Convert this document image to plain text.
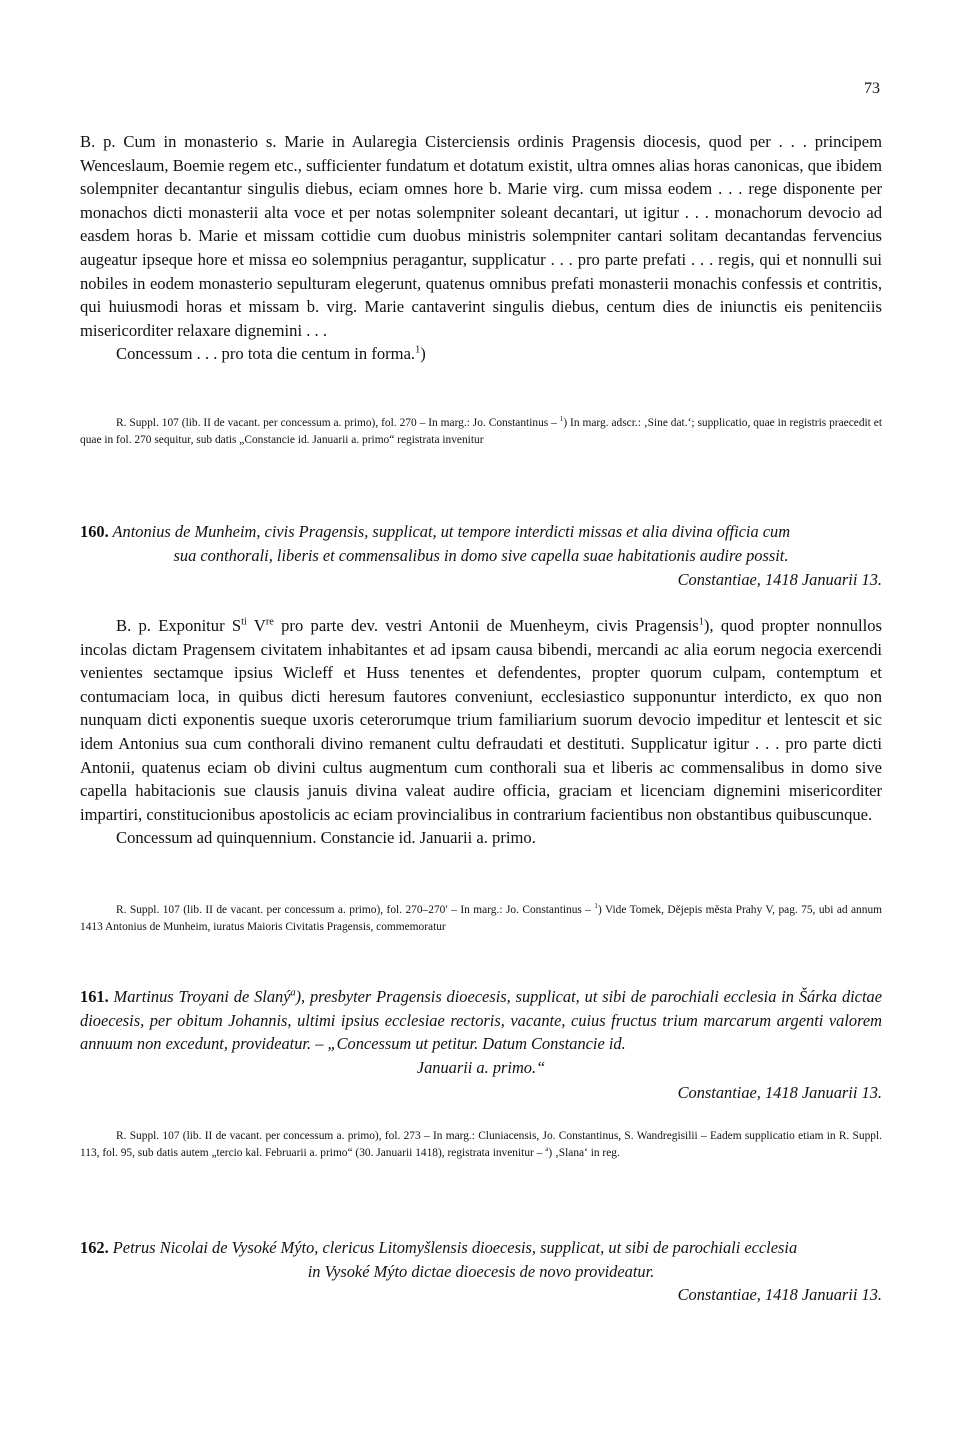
73

B. p. Cum in monasterio s. Marie in Aularegia Cisterciensis ordinis Pragensis diocesis, quod per . . . principem Wenceslaum, Boemie regem etc., sufficienter fundatum et dotatum existit, ultra omnes alias horas canonicas, que ibidem solempniter decantantur singulis diebus, eciam omnes hore b. Marie virg. cum missa eodem . . . rege disponente per monachos dicti monasterii alta voce et per notas solempniter soleant decantari, ut igitur . . . monachorum devocio ad easdem horas b. Marie et missam cottidie cum duobus ministris solempniter cantari solitam decantandas fervencius augeatur ipseque hore et missa eo solempnius peragantur, supplicatur . . . pro parte prefati . . . regis, qui et nonnulli sui nobiles in eodem monasterio sepulturam elegerunt, quatenus omnibus prefati monasterii monachis confessis et contritis, qui huiusmodi horas et missam b. virg. Marie cantaverint singulis diebus, centum dies de iniunctis eis penitenciis misericorditer relaxare dignemini . . .

Concessum . . . pro tota die centum in forma.$^1$)

R. Suppl. 107 (lib. II de vacant. per concessum a. primo), fol. 270 – In marg.: Jo. Constantinus – $^1$) In marg. adscr.: ‚Sine dat.‘; supplicatio, quae in registris praecedit et quae in fol. 270 sequitur, sub datis „Constancie id. Januarii a. primo“ registrata invenitur

160. Antonius de Munheim, civis Pragensis, supplicat, ut tempore interdicti missas et alia divina officia cum
sua conthorali, liberis et commensalibus in domo sive capella suae habitationis audire possit.
Constantiae, 1418 Januarii 13.

B. p. Exponitur $S^{ti}$ Vre pro parte dev. vestri Antonii de Muenheym, civis Pragensis$^1$), quod propter nonnullos incolas dictam Pragensem civitatem inhabitantes et ad ipsam causa bibendi, mercandi ac alia eorum negocia exercendi venientes sectamque ipsius Wicleff et Huss tenentes et defendentes, propter quorum culpam, contemptum et contumaciam loca, in quibus dicti heresum fautores conveniunt, ecclesiastico supponuntur interdicto, ex quo non nunquam dicti exponentis sueque uxoris ceterorumque trium familiarium suorum devocio impeditur et lentescit et sic idem Antonius sua cum conthorali divino remanent cultu defraudati et destituti. Supplicatur igitur . . . pro parte dicti Antonii, quatenus eciam ob divini cultus augmentum cum conthorali sua et liberis ac commensalibus in domo sive capella habitacionis sue clausis januis divina valeat audire officia, graciam et licenciam dignemini misericorditer impartiri, constitucionibus apostolicis ac eciam provincialibus in contrarium facientibus non obstantibus quibuscunque.

Concessum ad quinquennium. Constancie id. Januarii a. primo.

R. Suppl. 107 (lib. II de vacant. per concessum a. primo), fol. 270–270′ – In marg.: Jo. Constantinus – $^1$) Vide Tomek, Dějepis města Prahy V, pag. 75, ubi ad annum 1413 Antonius de Munheim, iuratus Maioris Civitatis Pragensis, commemoratur

161. Martinus Troyani de Slaný$^a$), presbyter Pragensis dioecesis, supplicat, ut sibi de parochiali ecclesia in Šárka dictae dioecesis, per obitum Johannis, ultimi ipsius ecclesiae rectoris, vacante, cuius fructus trium marcarum argenti valorem annuum non excedunt, provideatur. – „Concessum ut petitur. Datum Constancie id.
Januarii a. primo.“
Constantiae, 1418 Januarii 13.

R. Suppl. 107 (lib. II de vacant. per concessum a. primo), fol. 273 – In marg.: Cluniacensis, Jo. Constantinus, S. Wandregisilii – Eadem supplicatio etiam in R. Suppl. 113, fol. 95, sub datis autem „tercio kal. Februarii a. primo“ (30. Januarii 1418), registrata invenitur – $^a$) ‚Slana‘ in reg.

162. Petrus Nicolai de Vysoké Mýto, clericus Litomyšlensis dioecesis, supplicat, ut sibi de parochiali ecclesia
in Vysoké Mýto dictae dioecesis de novo provideatur.
Constantiae, 1418 Januarii 13.
